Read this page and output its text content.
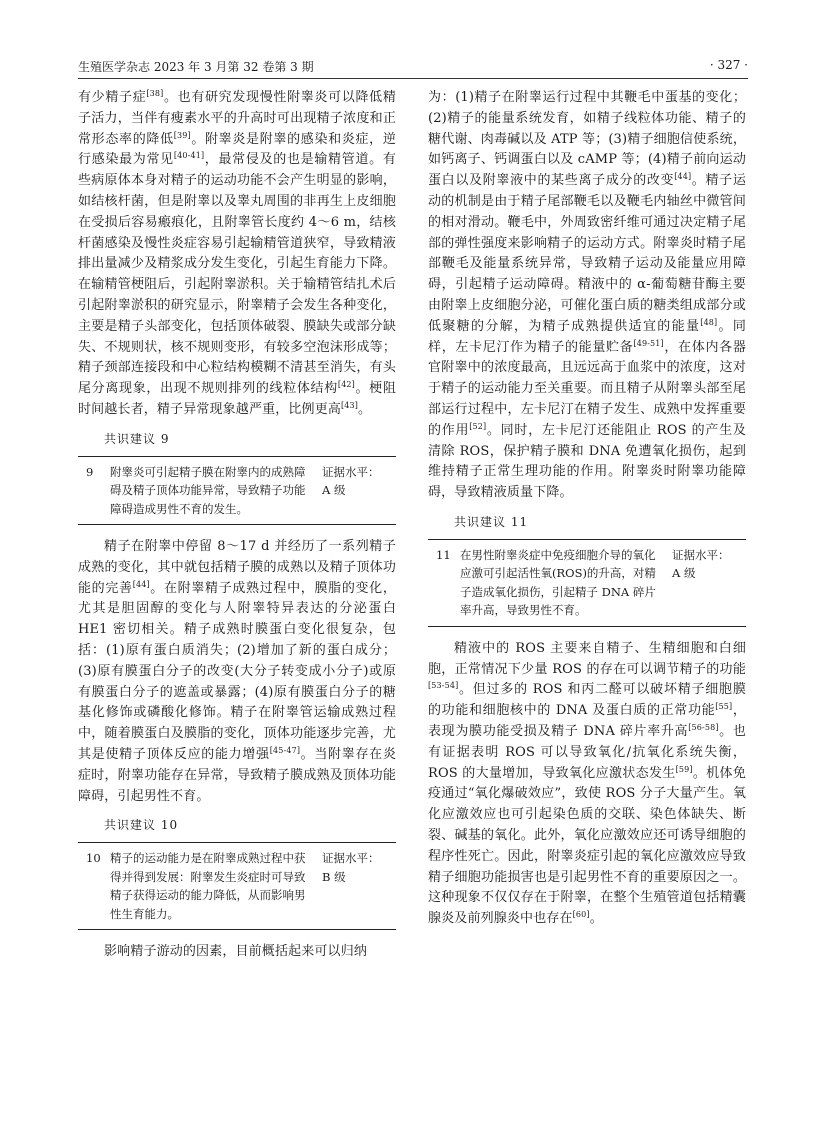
生殖医学杂志 2023 年 3 月第 32 卷第 3 期	· 327 ·

有少精子症[38]。也有研究发现慢性附睾炎可以降低精子活力，当伴有瘦素水平的升高时可出现精子浓度和正常形态率的降低[39]。附睾炎是附睾的感染和炎症，逆行感染最为常见[40-41]，最常侵及的也是输精管道。有些病原体本身对精子的运动功能不会产生明显的影响，如结核杆菌，但是附睾以及睾丸周围的非再生上皮细胞在受损后容易瘢痕化，且附睾管长度约 4～6 m，结核杆菌感染及慢性炎症容易引起输精管道狭窄，导致精液排出量减少及精浆成分发生变化，引起生育能力下降。在输精管梗阻后，引起附睾淤积。关于输精管结扎术后引起附睾淤积的研究显示，附睾精子会发生各种变化，主要是精子头部变化，包括顶体破裂、膜缺失或部分缺失、不规则状，核不规则变形，有较多空泡沫形成等；精子颈部连接段和中心粒结构模糊不清甚至消失，有头尾分离现象，出现不规则排列的线粒体结构[42]。梗阻时间越长者，精子异常现象越严重，比例更高[43]。

共识建议 9
9	附睾炎可引起精子膜在附睾内的成熟障碍及精子顶体功能异常，导致精子功能障碍造成男性不育的发生。
证据水平：
A 级

精子在附睾中停留 8～17 d 并经历了一系列精子成熟的变化，其中就包括精子膜的成熟以及精子顶体功能的完善[44]。在附睾精子成熟过程中，膜脂的变化，尤其是胆固醇的变化与人附睾特异表达的分泌蛋白 HE1 密切相关。精子成熟时膜蛋白变化很复杂，包括：(1)原有蛋白质消失；(2)增加了新的蛋白成分；(3)原有膜蛋白分子的改变(大分子转变成小分子)或原有膜蛋白分子的遮盖或暴露；(4)原有膜蛋白分子的糖基化修饰或磷酸化修饰。精子在附睾管运输成熟过程中，随着膜蛋白及膜脂的变化，顶体功能逐步完善，尤其是使精子顶体反应的能力增强[45-47]。当附睾存在炎症时，附睾功能存在异常，导致精子膜成熟及顶体功能障碍，引起男性不育。

共识建议 10
10 精子的运动能力是在附睾成熟过程中获得并得到发展：附睾发生炎症时可导致精子获得运动的能力降低，从而影响男性生育能力。
证据水平：
B 级

影响精子游动的因素，目前概括起来可以归纳

为：(1)精子在附睾运行过程中其鞭毛中蛋基的变化；(2)精子的能量系统发育，如精子线粒体功能、精子的糖代谢、肉毒碱以及 ATP 等；(3)精子细胞信使系统，如钙离子、钙调蛋白以及 cAMP 等；(4)精子前向运动蛋白以及附睾液中的某些离子成分的改变[44]。精子运动的机制是由于精子尾部鞭毛以及鞭毛内轴丝中微管间的相对滑动。鞭毛中，外周致密纤维可通过决定精子尾部的弹性强度来影响精子的运动方式。附睾炎时精子尾部鞭毛及能量系统异常，导致精子运动及能量应用障碍，引起精子运动障碍。精液中的 α-葡萄糖苷酶主要由附睾上皮细胞分泌，可催化蛋白质的糖类组成部分或低聚糖的分解，为精子成熟提供适宜的能量[48]。同样，左卡尼汀作为精子的能量贮备[49-51]，在体内各器官附睾中的浓度最高，且远远高于血浆中的浓度，这对于精子的运动能力至关重要。而且精子从附睾头部至尾部运行过程中，左卡尼汀在精子发生、成熟中发挥重要的作用[52]。同时，左卡尼汀还能阻止 ROS 的产生及清除 ROS，保护精子膜和 DNA 免遭氧化损伤，起到维持精子正常生理功能的作用。附睾炎时附睾功能障碍，导致精液质量下降。

共识建议 11
11 在男性附睾炎症中免疫细胞介导的氧化应激可引起活性氧(ROS)的升高，对精子造成氧化损伤，引起精子 DNA 碎片率升高，导致男性不育。
证据水平：
A 级

精液中的 ROS 主要来自精子、生精细胞和白细胞，正常情况下少量 ROS 的存在可以调节精子的功能[53-54]。但过多的 ROS 和丙二醛可以破坏精子细胞膜的功能和细胞核中的 DNA 及蛋白质的正常功能[55]，表现为膜功能受损及精子 DNA 碎片率升高[56-58]。也有证据表明 ROS 可以导致氧化/抗氧化系统失衡，ROS 的大量增加，导致氧化应激状态发生[59]。机体免疫通过“氧化爆破效应”，致使 ROS 分子大量产生。氧化应激效应也可引起染色质的交联、染色体缺失、断裂、碱基的氧化。此外，氧化应激效应还可诱导细胞的程序性死亡。因此，附睾炎症引起的氧化应激效应导致精子细胞功能损害也是引起男性不育的重要原因之一。这种现象不仅仅存在于附睾，在整个生殖管道包括精囊腺炎及前列腺炎中也存在[60]。
